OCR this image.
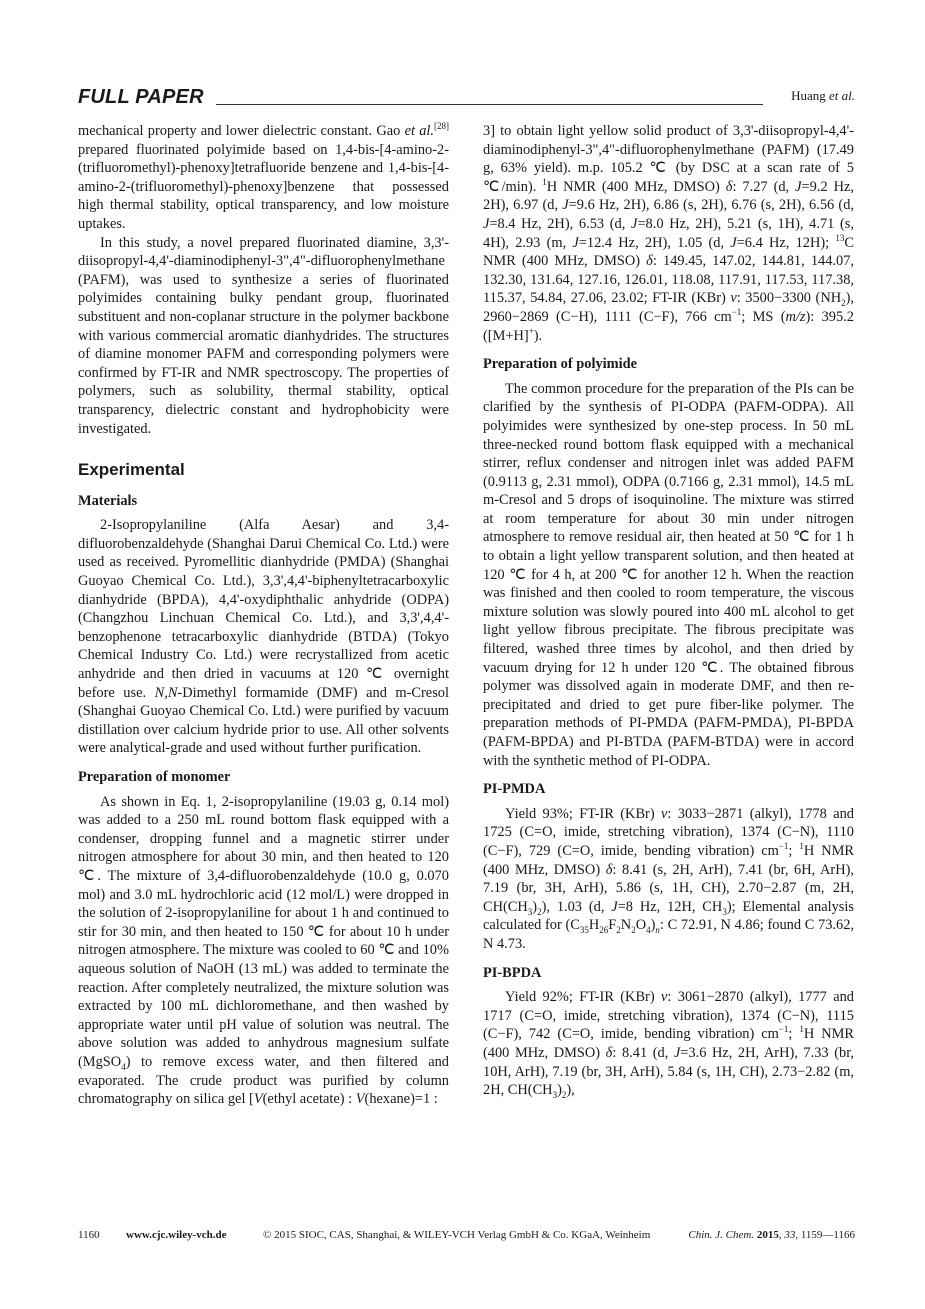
FULL PAPER	Huang et al.

mechanical property and lower dielectric constant. Gao et al.[28] prepared fluorinated polyimide based on 1,4-bis-[4-amino-2-(trifluoromethyl)-phenoxy]tetrafluoride benzene and 1,4-bis-[4-amino-2-(trifluoromethyl)-phenoxy]benzene that possessed high thermal stability, optical transparency, and low moisture uptakes.

In this study, a novel prepared fluorinated diamine, 3,3'-diisopropyl-4,4'-diaminodiphenyl-3",4"-difluorophenylmethane (PAFM), was used to synthesize a series of fluorinated polyimides containing bulky pendant group, fluorinated substituent and non-coplanar structure in the polymer backbone with various commercial aromatic dianhydrides. The structures of diamine monomer PAFM and corresponding polymers were confirmed by FT-IR and NMR spectroscopy. The properties of polymers, such as solubility, thermal stability, optical transparency, dielectric constant and hydrophobicity were investigated.

Experimental
Materials

2-Isopropylaniline (Alfa Aesar) and 3,4-difluorobenzaldehyde (Shanghai Darui Chemical Co. Ltd.) were used as received. Pyromellitic dianhydride (PMDA) (Shanghai Guoyao Chemical Co. Ltd.), 3,3',4,4'-biphenyltetracarboxylic dianhydride (BPDA), 4,4'-oxydiphthalic anhydride (ODPA) (Changzhou Linchuan Chemical Co. Ltd.), and 3,3',4,4'-benzophenone tetracarboxylic dianhydride (BTDA) (Tokyo Chemical Industry Co. Ltd.) were recrystallized from acetic anhydride and then dried in vacuums at 120 ℃ overnight before use. N,N-Dimethyl formamide (DMF) and m-Cresol (Shanghai Guoyao Chemical Co. Ltd.) were purified by vacuum distillation over calcium hydride prior to use. All other solvents were analytical-grade and used without further purification.

Preparation of monomer

As shown in Eq. 1, 2-isopropylaniline (19.03 g, 0.14 mol) was added to a 250 mL round bottom flask equipped with a condenser, dropping funnel and a magnetic stirrer under nitrogen atmosphere for about 30 min, and then heated to 120 ℃. The mixture of 3,4-difluorobenzaldehyde (10.0 g, 0.070 mol) and 3.0 mL hydrochloric acid (12 mol/L) were dropped in the solution of 2-isopropylaniline for about 1 h and continued to stir for 30 min, and then heated to 150 ℃ for about 10 h under nitrogen atmosphere. The mixture was cooled to 60 ℃ and 10% aqueous solution of NaOH (13 mL) was added to terminate the reaction. After completely neutralized, the mixture solution was extracted by 100 mL dichloromethane, and then washed by appropriate water until pH value of solution was neutral. The above solution was added to anhydrous magnesium sulfate (MgSO$_4$) to remove excess water, and then filtered and evaporated. The crude product was purified by column chromatography on silica gel [V(ethyl acetate) : V(hexane)=1 :

3] to obtain light yellow solid product of 3,3'-diisopropyl-4,4'-diaminodiphenyl-3",4"-difluorophenylmethane (PAFM) (17.49 g, 63% yield). m.p. 105.2 ℃ (by DSC at a scan rate of 5 ℃/min). $^1$H NMR (400 MHz, DMSO) δ: 7.27 (d, J=9.2 Hz, 2H), 6.97 (d, J=9.6 Hz, 2H), 6.86 (s, 2H), 6.76 (s, 2H), 6.56 (d, J=8.4 Hz, 2H), 6.53 (d, J=8.0 Hz, 2H), 5.21 (s, 1H), 4.71 (s, 4H), 2.93 (m, J=12.4 Hz, 2H), 1.05 (d, J=6.4 Hz, 12H); $^{13}$C NMR (400 MHz, DMSO) δ: 149.45, 147.02, 144.81, 144.07, 132.30, 131.64, 127.16, 126.01, 118.08, 117.91, 117.53, 117.38, 115.37, 54.84, 27.06, 23.02; FT-IR (KBr) v: 3500−3300 $(NH_2)$, 2960−2869 (C−H), 1111 (C−F), 766 $cm^{-1}$; MS (m/z): 395.2 ([M+H]+).

Preparation of polyimide

The common procedure for the preparation of the PIs can be clarified by the synthesis of PI-ODPA (PAFM-ODPA). All polyimides were synthesized by one-step process. In 50 mL three-necked round bottom flask equipped with a mechanical stirrer, reflux condenser and nitrogen inlet was added PAFM (0.9113 g, 2.31 mmol), ODPA (0.7166 g, 2.31 mmol), 14.5 mL m-Cresol and 5 drops of isoquinoline. The mixture was stirred at room temperature for about 30 min under nitrogen atmosphere to remove residual air, then heated at 50 ℃ for 1 h to obtain a light yellow transparent solution, and then heated at 120 ℃ for 4 h, at 200 ℃ for another 12 h. When the reaction was finished and then cooled to room temperature, the viscous mixture solution was slowly poured into 400 mL alcohol to get light yellow fibrous precipitate. The fibrous precipitate was filtered, washed three times by alcohol, and then dried by vacuum drying for 12 h under 120 ℃. The obtained fibrous polymer was dissolved again in moderate DMF, and then re-precipitated and dried to get pure fiber-like polymer. The preparation methods of PI-PMDA (PAFM-PMDA), PI-BPDA (PAFM-BPDA) and PI-BTDA (PAFM-BTDA) were in accord with the synthetic method of PI-ODPA.

PI-PMDA

Yield 93%; FT-IR (KBr) v: 3033−2871 (alkyl), 1778 and 1725 (C=O, imide, stretching vibration), 1374 (C−N), 1110 (C−F), 729 (C=O, imide, bending vibration) $cm^{-1}$; $^1$H NMR (400 MHz, DMSO) δ: 8.41 (s, 2H, ArH), 7.41 (br, 6H, ArH), 7.19 (br, 3H, ArH), 5.86 (s, 1H, CH), 2.70−2.87 (m, 2H, $CH(CH_3)_2$), 1.03 (d, J=8 Hz, 12H, $CH_3$); Elemental analysis calculated for $(C_{35}H_{26}F_2N_2O_4)_n$: C 72.91, N 4.86; found C 73.62, N 4.73.

PI-BPDA

Yield 92%; FT-IR (KBr) v: 3061−2870 (alkyl), 1777 and 1717 (C=O, imide, stretching vibration), 1374 (C−N), 1115 (C−F), 742 (C=O, imide, bending vibration) $cm^{-1}$; $^1$H NMR (400 MHz, DMSO) δ: 8.41 (d, J=3.6 Hz, 2H, ArH), 7.33 (br, 10H, ArH), 7.19 (br, 3H, ArH), 5.84 (s, 1H, CH), 2.73−2.82 (m, 2H, $CH(CH_3)_2$),

1160 www.cjc.wiley-vch.de	© 2015 SIOC, CAS, Shanghai, & WILEY-VCH Verlag GmbH & Co. KGaA, Weinheim	Chin. J. Chem. 2015, 33, 1159—1166
